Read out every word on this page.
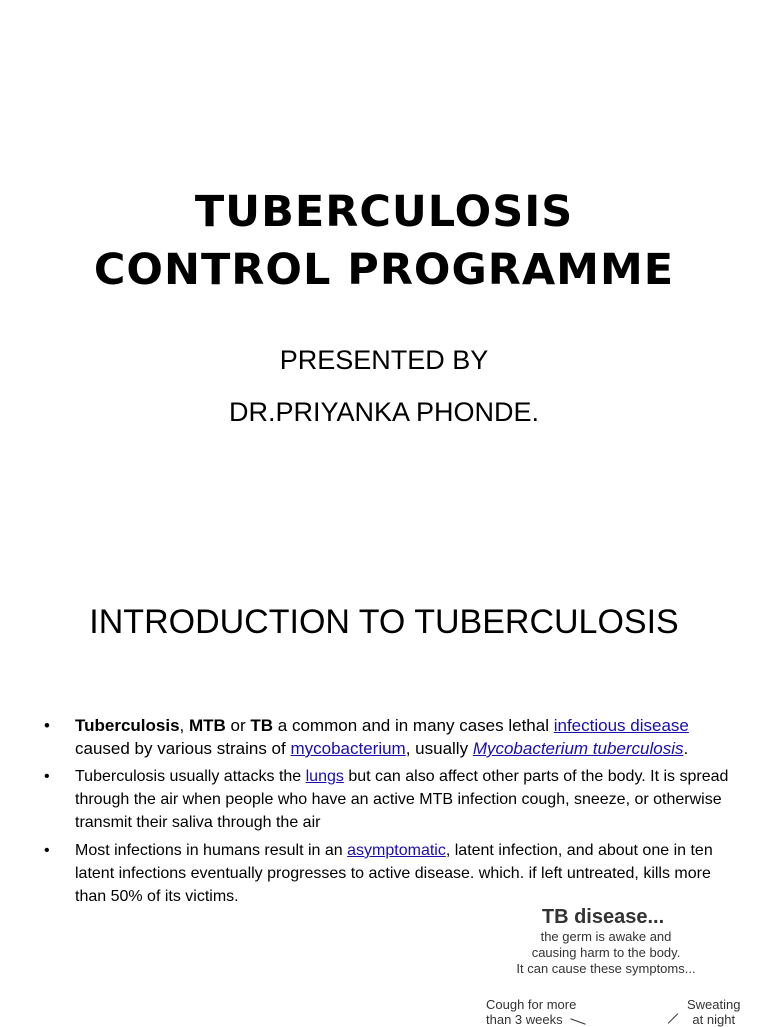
TUBERCULOSIS
CONTROL PROGRAMME
PRESENTED BY
DR.PRIYANKA PHONDE.
INTRODUCTION TO TUBERCULOSIS
• Tuberculosis, MTB or TB a common and in many cases lethal infectious disease caused by various strains of mycobacterium, usually Mycobacterium tuberculosis.
• Tuberculosis usually attacks the lungs but can also affect other parts of the body. It is spread through the air when people who have an active MTB infection cough, sneeze, or otherwise transmit their saliva through the air
• Most infections in humans result in an asymptomatic, latent infection, and about one in ten latent infections eventually progresses to active disease. which. if left untreated, kills more than 50% of its victims.
TB disease...
the germ is awake and
causing harm to the body.
It can cause these symptoms...
Cough for more
than 3 weeks
Sweating
at night
